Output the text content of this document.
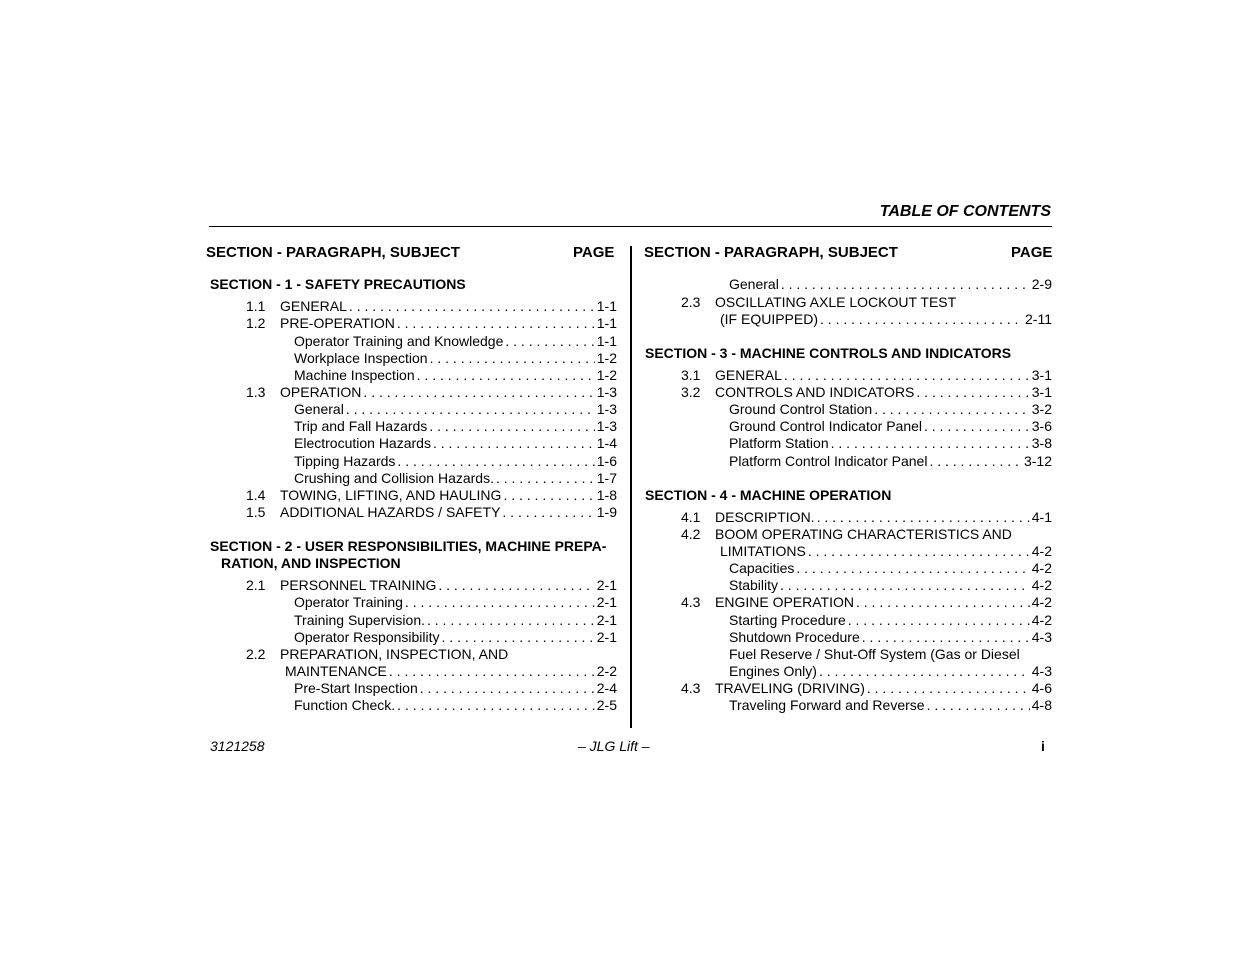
TABLE OF CONTENTS
SECTION - PARAGRAPH, SUBJECT	PAGE SECTION - PARAGRAPH, SUBJECT	PAGE
SECTION - 1 - SAFETY PRECAUTIONS
1.1 GENERAL . . .	1-1
1.2 PRE-OPERATION . . .	1-1
Operator Training and Knowledge . . .	1-1
Workplace Inspection . . .	1-2
Machine Inspection . . .	1-2
1.3 OPERATION . . .	1-3
General . . .	1-3
Trip and Fall Hazards . . .	1-3
Electrocution Hazards . . .	1-4
Tipping Hazards . . .	1-6
Crushing and Collision Hazards. . . .	1-7
1.4 TOWING, LIFTING, AND HAULING . . .	1-8
1.5 ADDITIONAL HAZARDS / SAFETY . . .	1-9
SECTION - 2 - USER RESPONSIBILITIES, MACHINE PREPA-
RATION, AND INSPECTION
2.1 PERSONNEL TRAINING . . .	2-1
Operator Training . . .	2-1
Training Supervision. . . .	2-1
Operator Responsibility . . .	2-1
2.2 PREPARATION, INSPECTION, AND
MAINTENANCE . . .	2-2
Pre-Start Inspection . . .	2-4
Function Check. . . .	2-5
General . . .	2-9
2.3 OSCILLATING AXLE LOCKOUT TEST
(IF EQUIPPED) . . .	2-11
SECTION - 3 - MACHINE CONTROLS AND INDICATORS
3.1 GENERAL . . .	3-1
3.2 CONTROLS AND INDICATORS . . .	3-1
Ground Control Station . . .	3-2
Ground Control Indicator Panel . . .	3-6
Platform Station . . .	3-8
Platform Control Indicator Panel . . .	3-12
SECTION - 4 - MACHINE OPERATION
4.1 DESCRIPTION. . . .	4-1
4.2 BOOM OPERATING CHARACTERISTICS AND
LIMITATIONS . . .	4-2
Capacities . . .	4-2
Stability . . .	4-2
4.3 ENGINE OPERATION . . .	4-2
Starting Procedure . . .	4-2
Shutdown Procedure . . .	4-3
Fuel Reserve / Shut-Off System (Gas or Diesel
Engines Only) . . .	4-3
4.3 TRAVELING (DRIVING) . . .	4-6
Traveling Forward and Reverse . . .	4-8
3121258	– JLG Lift –	i
